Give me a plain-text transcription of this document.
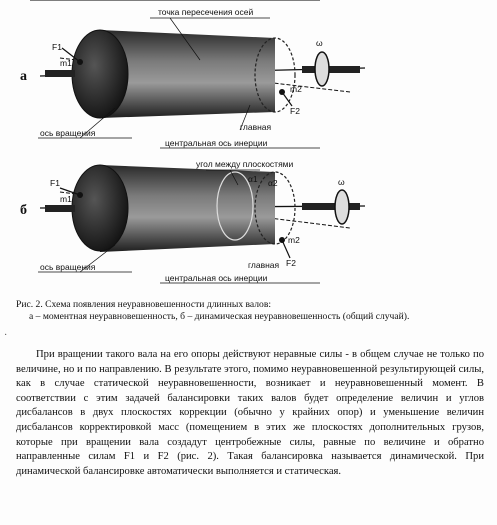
а
точка пересечения осей
ось вращения
главная
центральная ось инерции
F1
F2
m1
m2
ω
б
угол между плоскостями
ось вращения	главная
центральная ось инерции
F1
F2
m1
m2
α1 α2	ω
Рис. 2. Схема появления неуравновешенности длинных валов:
а – моментная неуравновешенность, б – динамическая неуравновешенность (общий случай).
·

При вращении такого вала на его опоры действуют неравные силы - в общем случае не только по величине, но и по направлению. В результате этого, помимо неуравновешенной результирующей силы, как в случае статической неуравновешенности, возникает и неуравновешенный момент. В соответствии с этим задачей балансировки таких валов будет определение величин и углов дисбалансов в двух плоскостях коррекции (обычно у крайних опор) и уменьшение величин дисбалансов корректировкой масс (помещением в этих же плоскостях дополнительных грузов, которые при вращении вала создадут центробежные силы, равные по величине и обратно направленные силам F1 и F2 (рис. 2). Такая балансировка называется динамической. При динамической балансировке автоматически выполняется и статическая.
